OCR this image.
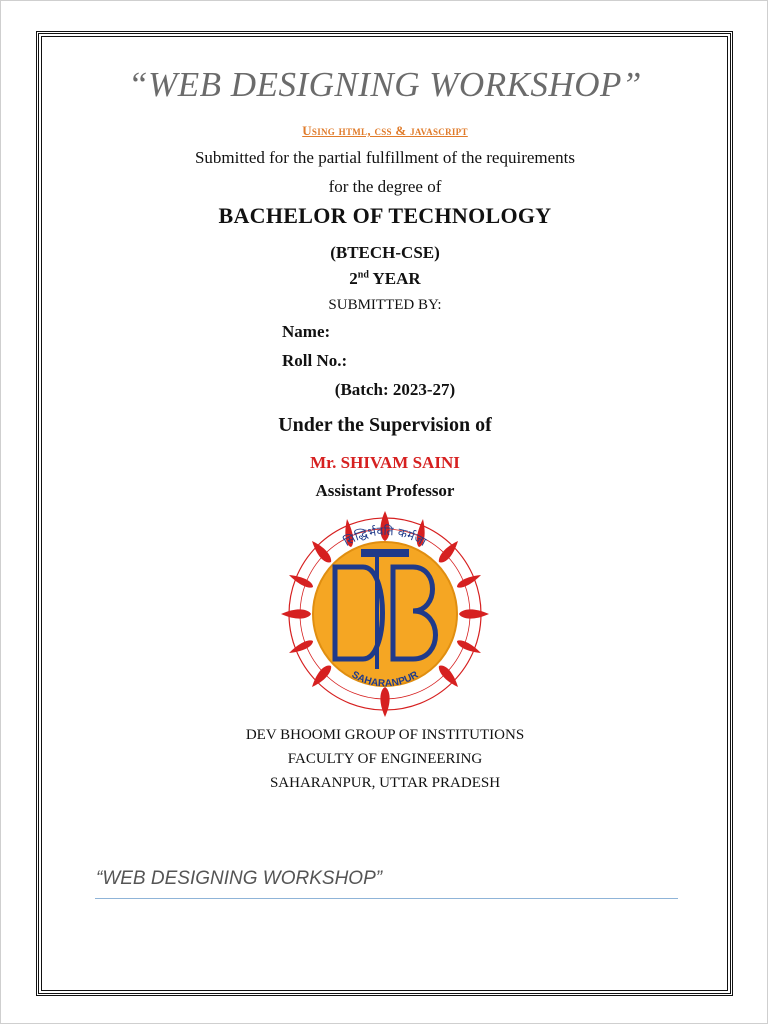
“WEB DESIGNING WORKSHOP”
Using html, css & javascript
Submitted for the partial fulfillment of the requirements
for the degree of
BACHELOR OF TECHNOLOGY
(BTECH-CSE)
2nd YEAR
SUBMITTED BY:
Name:
Roll No.:
(Batch: 2023-27)
Under the Supervision of
Mr. SHIVAM SAINI
Assistant Professor
सिद्धिर्भवति कर्मजा
SAHARANPUR
DEV BHOOMI GROUP OF INSTITUTIONS
FACULTY OF ENGINEERING
SAHARANPUR, UTTAR PRADESH
“WEB DESIGNING WORKSHOP”
